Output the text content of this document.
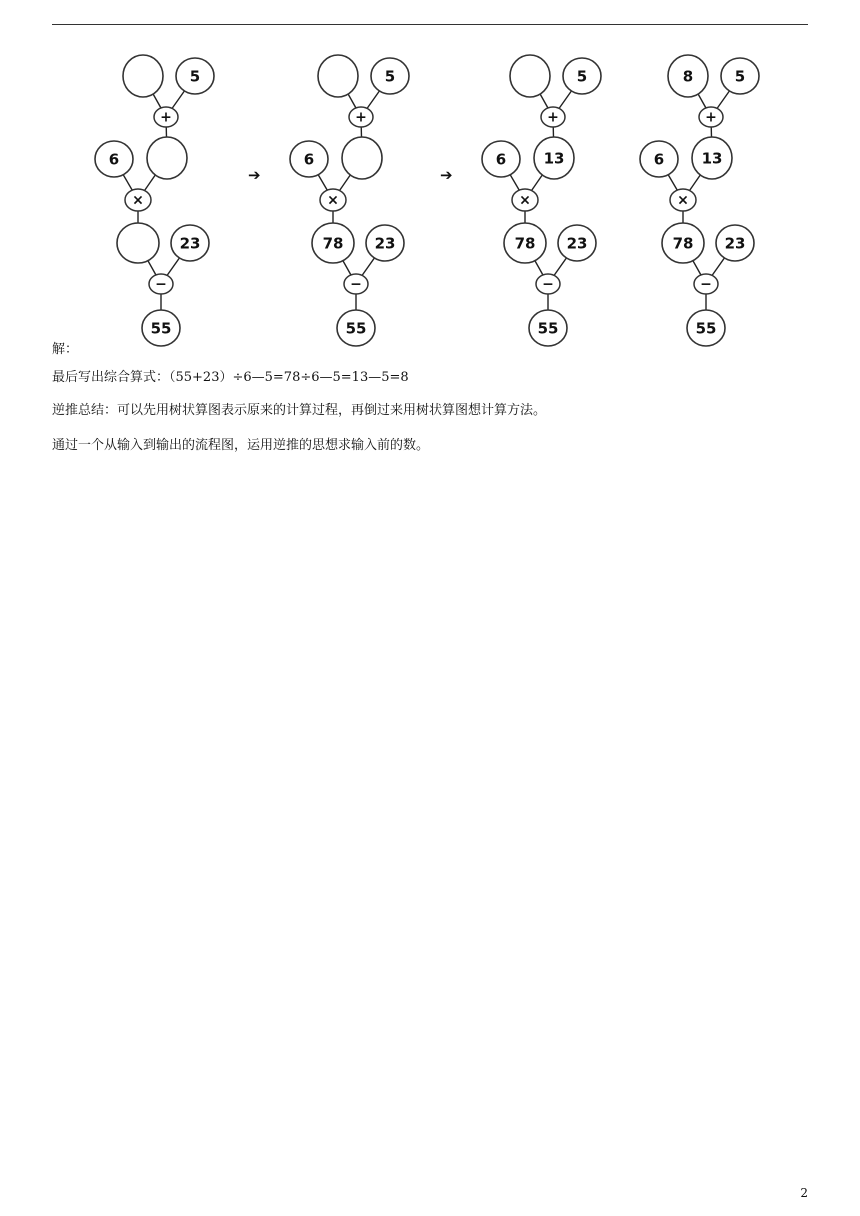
5
+
6
×
23
−
55
5
+
6
×
78 23
−
55
5
+
6 13
×
78 23
−
55
8	5
+
6 13
×
78 23
−
55
➔	➔
解：
最后写出综合算式：（55+23）÷6—5=78÷6—5=13—5=8
逆推总结：可以先用树状算图表示原来的计算过程，再倒过来用树状算图想计算方法。
通过一个从输入到输出的流程图，运用逆推的思想求输入前的数。
2
